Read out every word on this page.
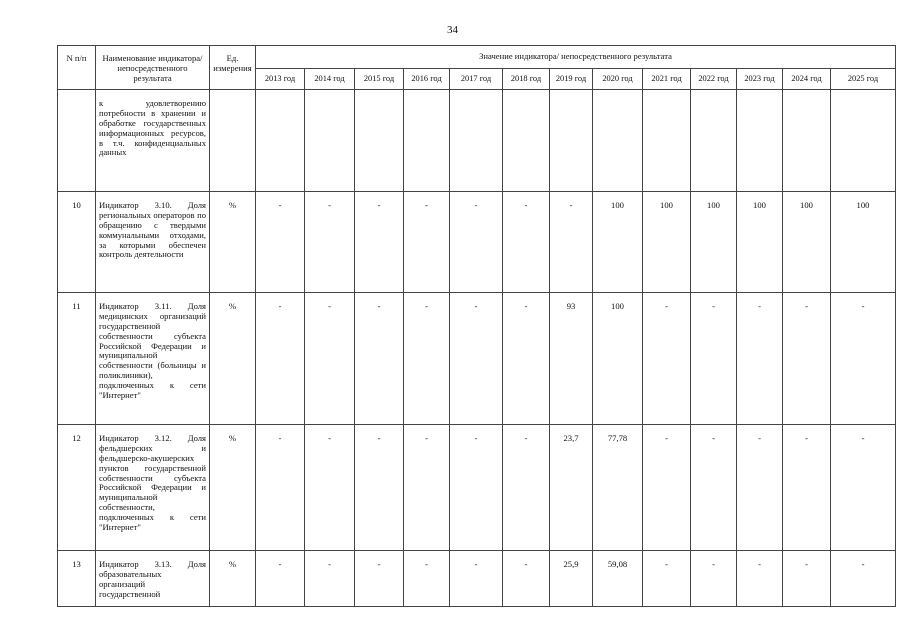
34
N п/п	Наименование индикатора/непосредственного результата	Ед. измерения	Значение индикатора/ непосредственного результата												
			2013 год	2014 год	2015 год	2016 год	2017 год	2018 год	2019 год	2020 год	2021 год	2022 год	2023 год	2024 год	2025 год
	к удовлетворению потребности в хранении и обработке государственных информационных ресурсов, в т.ч. конфиденциальных данных														
10	Индикатор 3.10. Доля региональных операторов по обращению с твердыми коммунальными отходами, за которыми обеспечен контроль деятельности	%	-	-	-	-	-	-	-	100	100	100	100	100	100
11	Индикатор 3.11. Доля медицинских организаций государственной собственности субъекта Российской Федерации и муниципальной собственности (больницы и поликлиники), подключенных к сети "Интернет"	%	-	-	-	-	-	-	93	100	-	-	-	-	-
12	Индикатор 3.12. Доля фельдшерских и фельдшерско-акушерских пунктов государственной собственности субъекта Российской Федерации и муниципальной собственности, подключенных к сети "Интернет"	%	-	-	-	-	-	-	23,7	77,78	-	-	-	-	-
13	Индикатор 3.13. Доля образовательных организаций государственной	%	-	-	-	-	-	-	25,9	59,08	-	-	-	-	-
